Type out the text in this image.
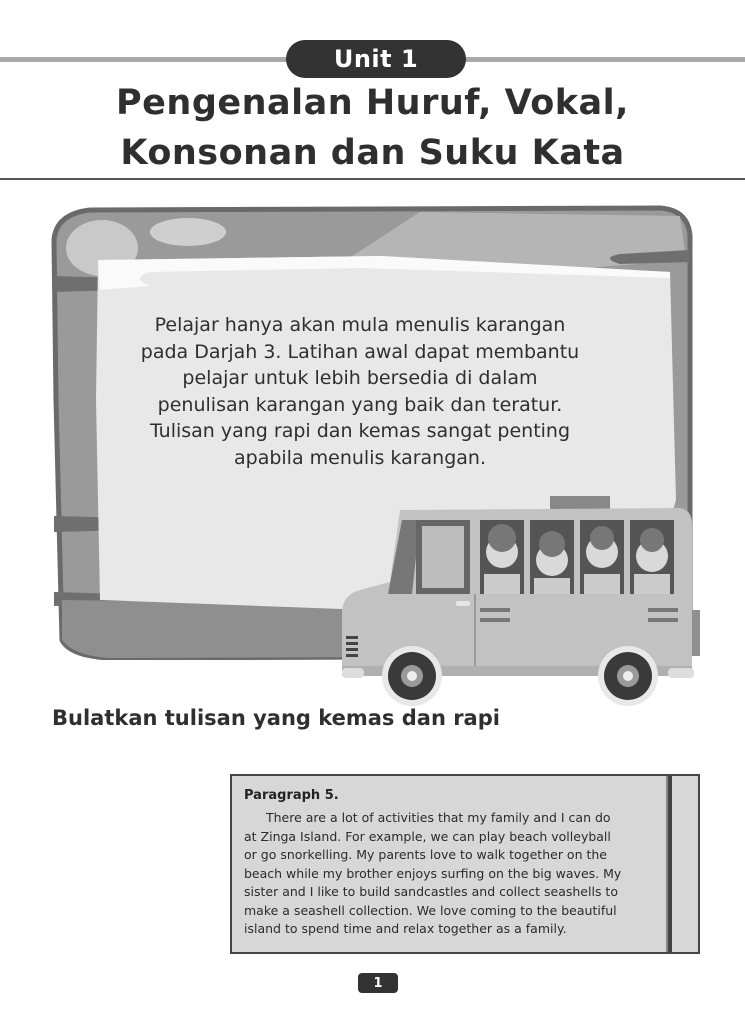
Unit 1
Pengenalan Huruf, Vokal,
Konsonan dan Suku Kata
Pelajar hanya akan mula menulis karangan
pada Darjah 3. Latihan awal dapat membantu
pelajar untuk lebih bersedia di dalam
penulisan karangan yang baik dan teratur.
Tulisan yang rapi dan kemas sangat penting
apabila menulis karangan.
Bulatkan tulisan yang kemas dan rapi
Paragraph 5.
There are a lot of activities that my family and I can do
at Zinga Island. For example, we can play beach volleyball
or go snorkelling. My parents love to walk together on the
beach while my brother enjoys surfing on the big waves. My
sister and I like to build sandcastles and collect seashells to
make a seashell collection. We love coming to the beautiful
island to spend time and relax together as a family.
1
